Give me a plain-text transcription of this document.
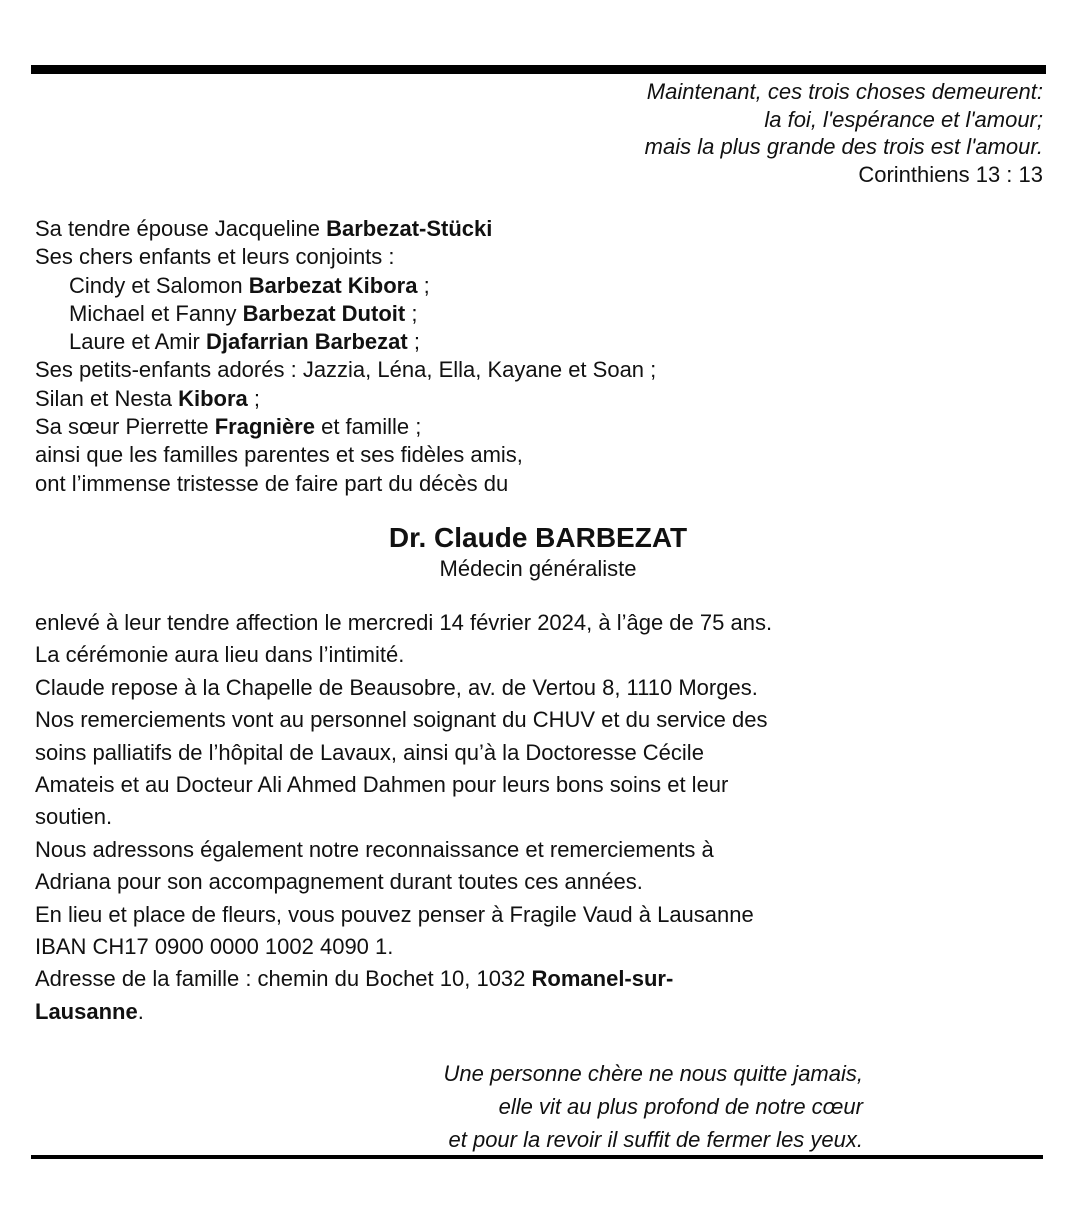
Maintenant, ces trois choses demeurent:
la foi, l'espérance et l'amour;
mais la plus grande des trois est l'amour.
Corinthiens 13 : 13
Sa tendre épouse Jacqueline Barbezat-Stücki
Ses chers enfants et leurs conjoints :
Cindy et Salomon Barbezat Kibora ;
Michael et Fanny Barbezat Dutoit ;
Laure et Amir Djafarrian Barbezat ;
Ses petits-enfants adorés : Jazzia, Léna, Ella, Kayane et Soan ;
Silan et Nesta Kibora ;
Sa sœur Pierrette Fragnière et famille ;
ainsi que les familles parentes et ses fidèles amis,
ont l’immense tristesse de faire part du décès du
Dr. Claude BARBEZAT
Médecin généraliste
enlevé à leur tendre affection le mercredi 14 février 2024, à l’âge de 75 ans.
La cérémonie aura lieu dans l’intimité.
Claude repose à la Chapelle de Beausobre, av. de Vertou 8, 1110 Morges.
Nos remerciements vont au personnel soignant du CHUV et du service des
soins palliatifs de l’hôpital de Lavaux, ainsi qu’à la Doctoresse Cécile
Amateis et au Docteur Ali Ahmed Dahmen pour leurs bons soins et leur
soutien.
Nous adressons également notre reconnaissance et remerciements à
Adriana pour son accompagnement durant toutes ces années.
En lieu et place de fleurs, vous pouvez penser à Fragile Vaud à Lausanne
IBAN CH17 0900 0000 1002 4090 1.
Adresse de la famille : chemin du Bochet 10, 1032 Romanel-sur-
Lausanne.
Une personne chère ne nous quitte jamais,
elle vit au plus profond de notre cœur
et pour la revoir il suffit de fermer les yeux.
